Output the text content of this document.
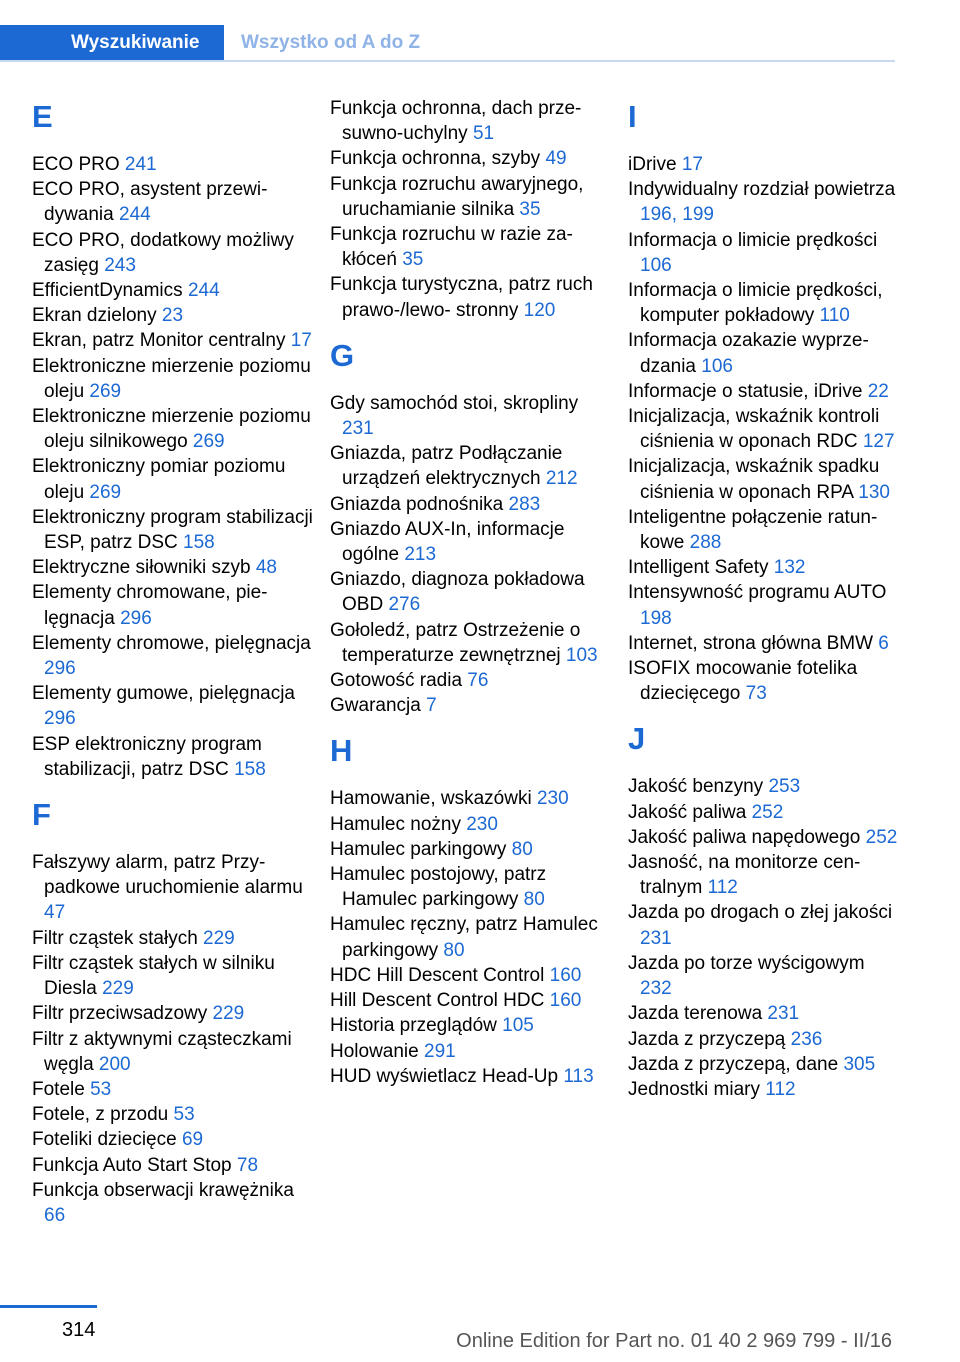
Wyszukiwanie	Wszystko od A do Z
E
ECO PRO 241
ECO PRO, asystent przewidywania 244
ECO PRO, dodatkowy możliwy zasięg 243
EfficientDynamics 244
Ekran dzielony 23
Ekran, patrz Monitor centralny 17
Elektroniczne mierzenie poziomu oleju 269
Elektroniczne mierzenie poziomu oleju silnikowego 269
Elektroniczny pomiar poziomu oleju 269
Elektroniczny program stabilizacji ESP, patrz DSC 158
Elektryczne siłowniki szyb 48
Elementy chromowane, pielęgnacja 296
Elementy chromowe, pielęgnacja 296
Elementy gumowe, pielęgnacja 296
ESP elektroniczny program stabilizacji, patrz DSC 158
F
Fałszywy alarm, patrz Przypadkowe uruchomienie alarmu 47
Filtr cząstek stałych 229
Filtr cząstek stałych w silniku Diesla 229
Filtr przeciwsadzowy 229
Filtr z aktywnymi cząsteczkami węgla 200
Fotele 53
Fotele, z przodu 53
Foteliki dziecięce 69
Funkcja Auto Start Stop 78
Funkcja obserwacji krawężnika 66
Funkcja ochronna, dach przesuwno-uchylny 51
Funkcja ochronna, szyby 49
Funkcja rozruchu awaryjnego, uruchamianie silnika 35
Funkcja rozruchu w razie zakłóceń 35
Funkcja turystyczna, patrz ruch prawo-/lewo- stronny 120
G
Gdy samochód stoi, skropliny 231
Gniazda, patrz Podłączanie urządzeń elektrycznych 212
Gniazda podnośnika 283
Gniazdo AUX-In, informacje ogólne 213
Gniazdo, diagnoza pokładowa OBD 276
Gołoledź, patrz Ostrzeżenie o temperaturze zewnętrznej 103
Gotowość radia 76
Gwarancja 7
H
Hamowanie, wskazówki 230
Hamulec nożny 230
Hamulec parkingowy 80
Hamulec postojowy, patrz Hamulec parkingowy 80
Hamulec ręczny, patrz Hamulec parkingowy 80
HDC Hill Descent Control 160
Hill Descent Control HDC 160
Historia przeglądów 105
Holowanie 291
HUD wyświetlacz Head-Up 113
I
iDrive 17
Indywidualny rozdział powietrza 196, 199
Informacja o limicie prędkości 106
Informacja o limicie prędkości, komputer pokładowy 110
Informacja ozakazie wyprzedzania 106
Informacje o statusie, iDrive 22
Inicjalizacja, wskaźnik kontroli ciśnienia w oponach RDC 127
Inicjalizacja, wskaźnik spadku ciśnienia w oponach RPA 130
Inteligentne połączenie ratunkowe 288
Intelligent Safety 132
Intensywność programu AUTO 198
Internet, strona główna BMW 6
ISOFIX mocowanie fotelika dziecięcego 73
J
Jakość benzyny 253
Jakość paliwa 252
Jakość paliwa napędowego 252
Jasność, na monitorze centralnym 112
Jazda po drogach o złej jakości 231
Jazda po torze wyścigowym 232
Jazda terenowa 231
Jazda z przyczepą 236
Jazda z przyczepą, dane 305
Jednostki miary 112
314	Online Edition for Part no. 01 40 2 969 799 - II/16
